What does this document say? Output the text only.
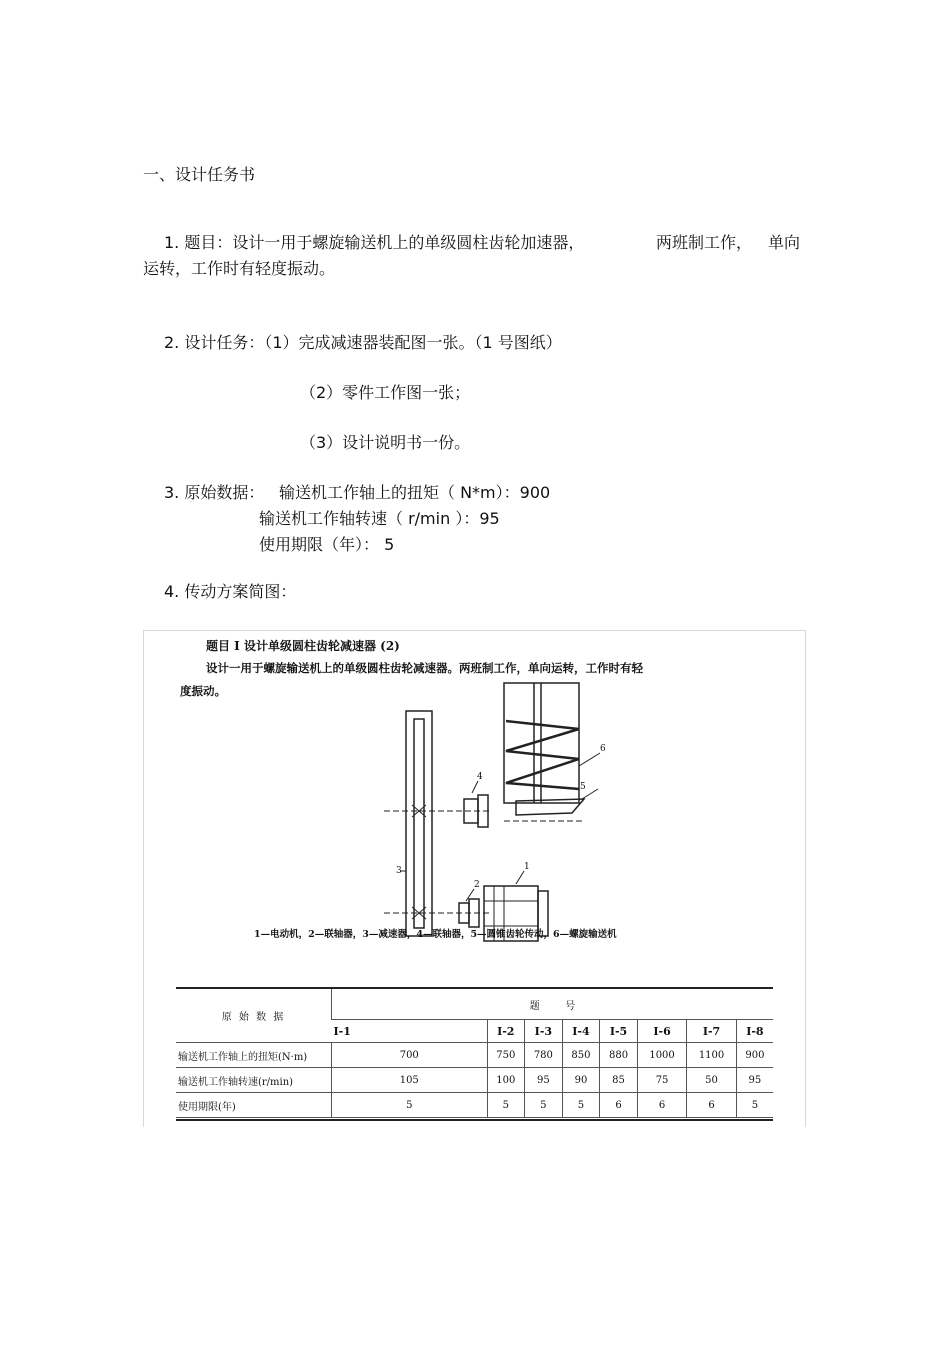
一、设计任务书
1. 题目：设计一用于螺旋输送机上的单级圆柱齿轮加速器，	两班制工作， 单向
运转，工作时有轻度振动。
2. 设计任务：（1）完成减速器装配图一张。（1 号图纸）
（2）零件工作图一张；
（3）设计说明书一份。
3. 原始数据： 输送机工作轴上的扭矩（ N*m）：900
输送机工作轴转速（ r/min ）：95
使用期限（年）： 5
4. 传动方案简图：
题目 I 设计单级圆柱齿轮减速器 (2)
设计一用于螺旋输送机上的单级圆柱齿轮减速器。两班制工作，单向运转，工作时有轻
度振动。
1
2
3
4
5
6
1—电动机，2—联轴器，3—减速器，4—联轴器，5—圆锥齿轮传动，6—螺旋输送机
原 始 数 据	题        号							
	I-1	I-2	I-3	I-4	I-5	I-6	I-7	I-8
输送机工作轴上的扭矩(N·m)	700	750	780	850	880	1000	1100	900
输送机工作轴转速(r/min)	105	100	95	90	85	75	50	95
使用期限(年)	5	5	5	5	6	6	6	5
